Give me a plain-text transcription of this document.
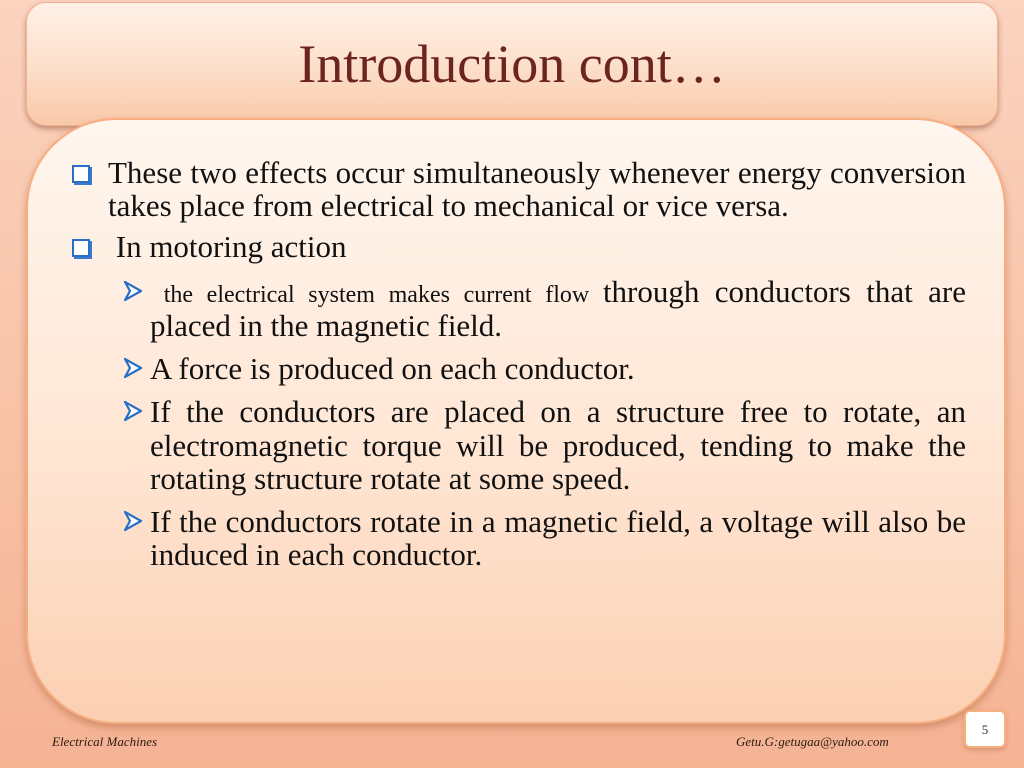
Introduction cont…
These two effects occur simultaneously whenever energy conversion takes place from electrical to mechanical or vice versa.
In motoring action
the electrical system makes current flow through conductors that are placed in the magnetic field.
A force is produced on each conductor.
If the conductors are placed on a structure free to rotate, an electromagnetic torque will be produced, tending to make the rotating structure rotate at some speed.
If the conductors rotate in a magnetic field, a voltage will also be induced in each conductor.
Electrical Machines	Getu.G:getugaa@yahoo.com
5
